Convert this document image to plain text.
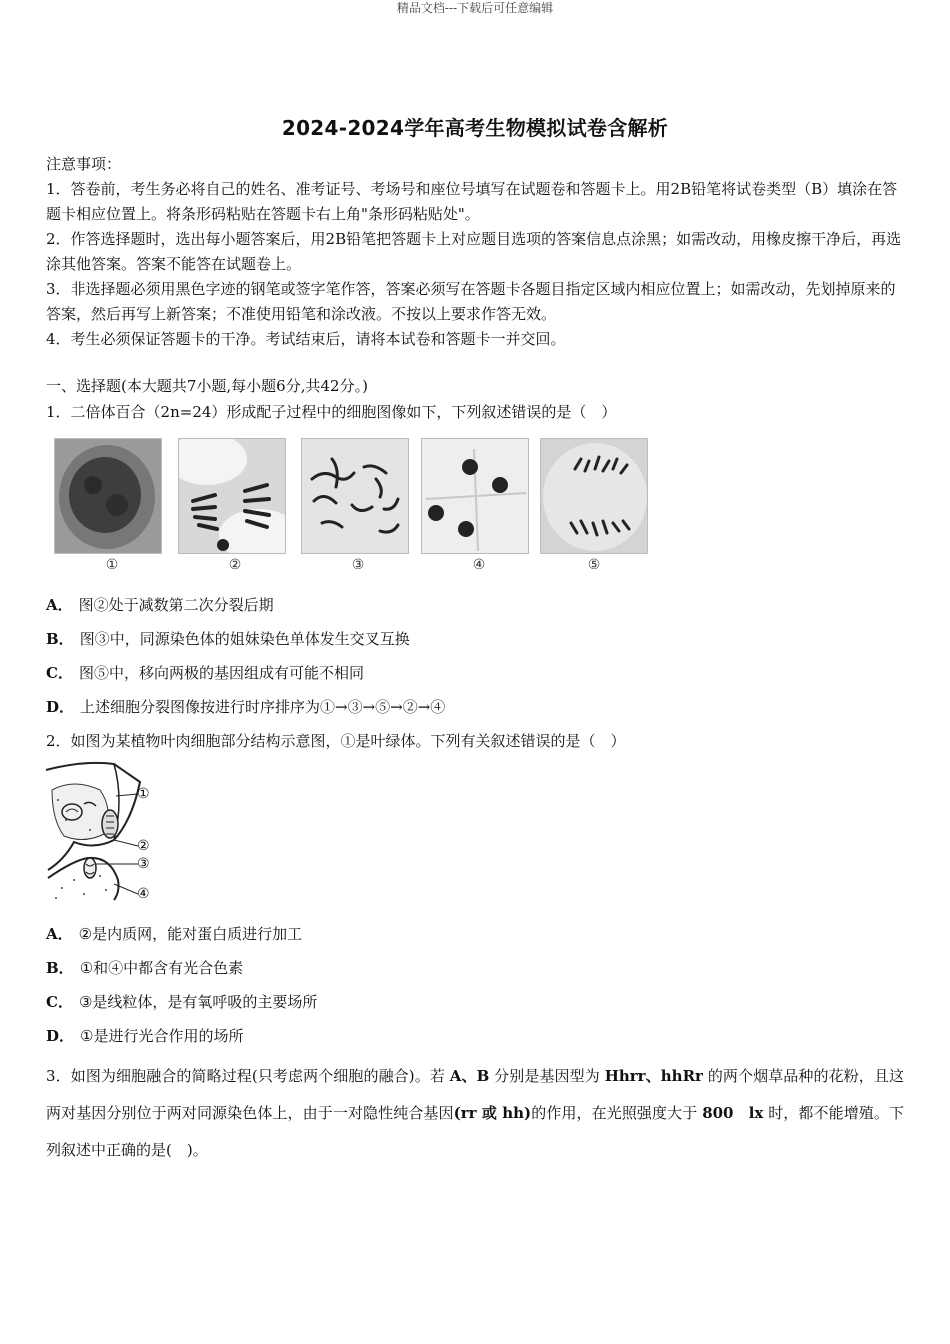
精品文档---下载后可任意编辑
2024-2024学年高考生物模拟试卷含解析

注意事项：

1．答卷前，考生务必将自己的姓名、准考证号、考场号和座位号填写在试题卷和答题卡上。用2B铅笔将试卷类型（B）填涂在答题卡相应位置上。将条形码粘贴在答题卡右上角"条形码粘贴处"。

2．作答选择题时，选出每小题答案后，用2B铅笔把答题卡上对应题目选项的答案信息点涂黑；如需改动，用橡皮擦干净后，再选涂其他答案。答案不能答在试题卷上。

3．非选择题必须用黑色字迹的钢笔或签字笔作答，答案必须写在答题卡各题目指定区域内相应位置上；如需改动，先划掉原来的答案，然后再写上新答案；不准使用铅笔和涂改液。不按以上要求作答无效。

4．考生必须保证答题卡的干净。考试结束后，请将本试卷和答题卡一并交回。

一、选择题(本大题共7小题,每小题6分,共42分。)
1．二倍体百合（2n=24）形成配子过程中的细胞图像如下，下列叙述错误的是（　）
①	②	③	④	⑤
A． 图②处于减数第二次分裂后期
B． 图③中，同源染色体的姐妹染色单体发生交叉互换
C． 图⑤中，移向两极的基因组成有可能不相同
D． 上述细胞分裂图像按进行时序排序为①→③→⑤→②→④
2．如图为某植物叶肉细胞部分结构示意图，①是叶绿体。下列有关叙述错误的是（　）
①
②
③
④
A． ②是内质网，能对蛋白质进行加工
B． ①和④中都含有光合色素
C． ③是线粒体，是有氧呼吸的主要场所
D． ①是进行光合作用的场所
3．如图为细胞融合的简略过程(只考虑两个细胞的融合)。若 A、B 分别是基因型为 Hhrr、hhRr 的两个烟草品种的花粉，且这两对基因分别位于两对同源染色体上，由于一对隐性纯合基因(rr 或 hh)的作用，在光照强度大于 800　lx 时，都不能增殖。下列叙述中正确的是(　)。
